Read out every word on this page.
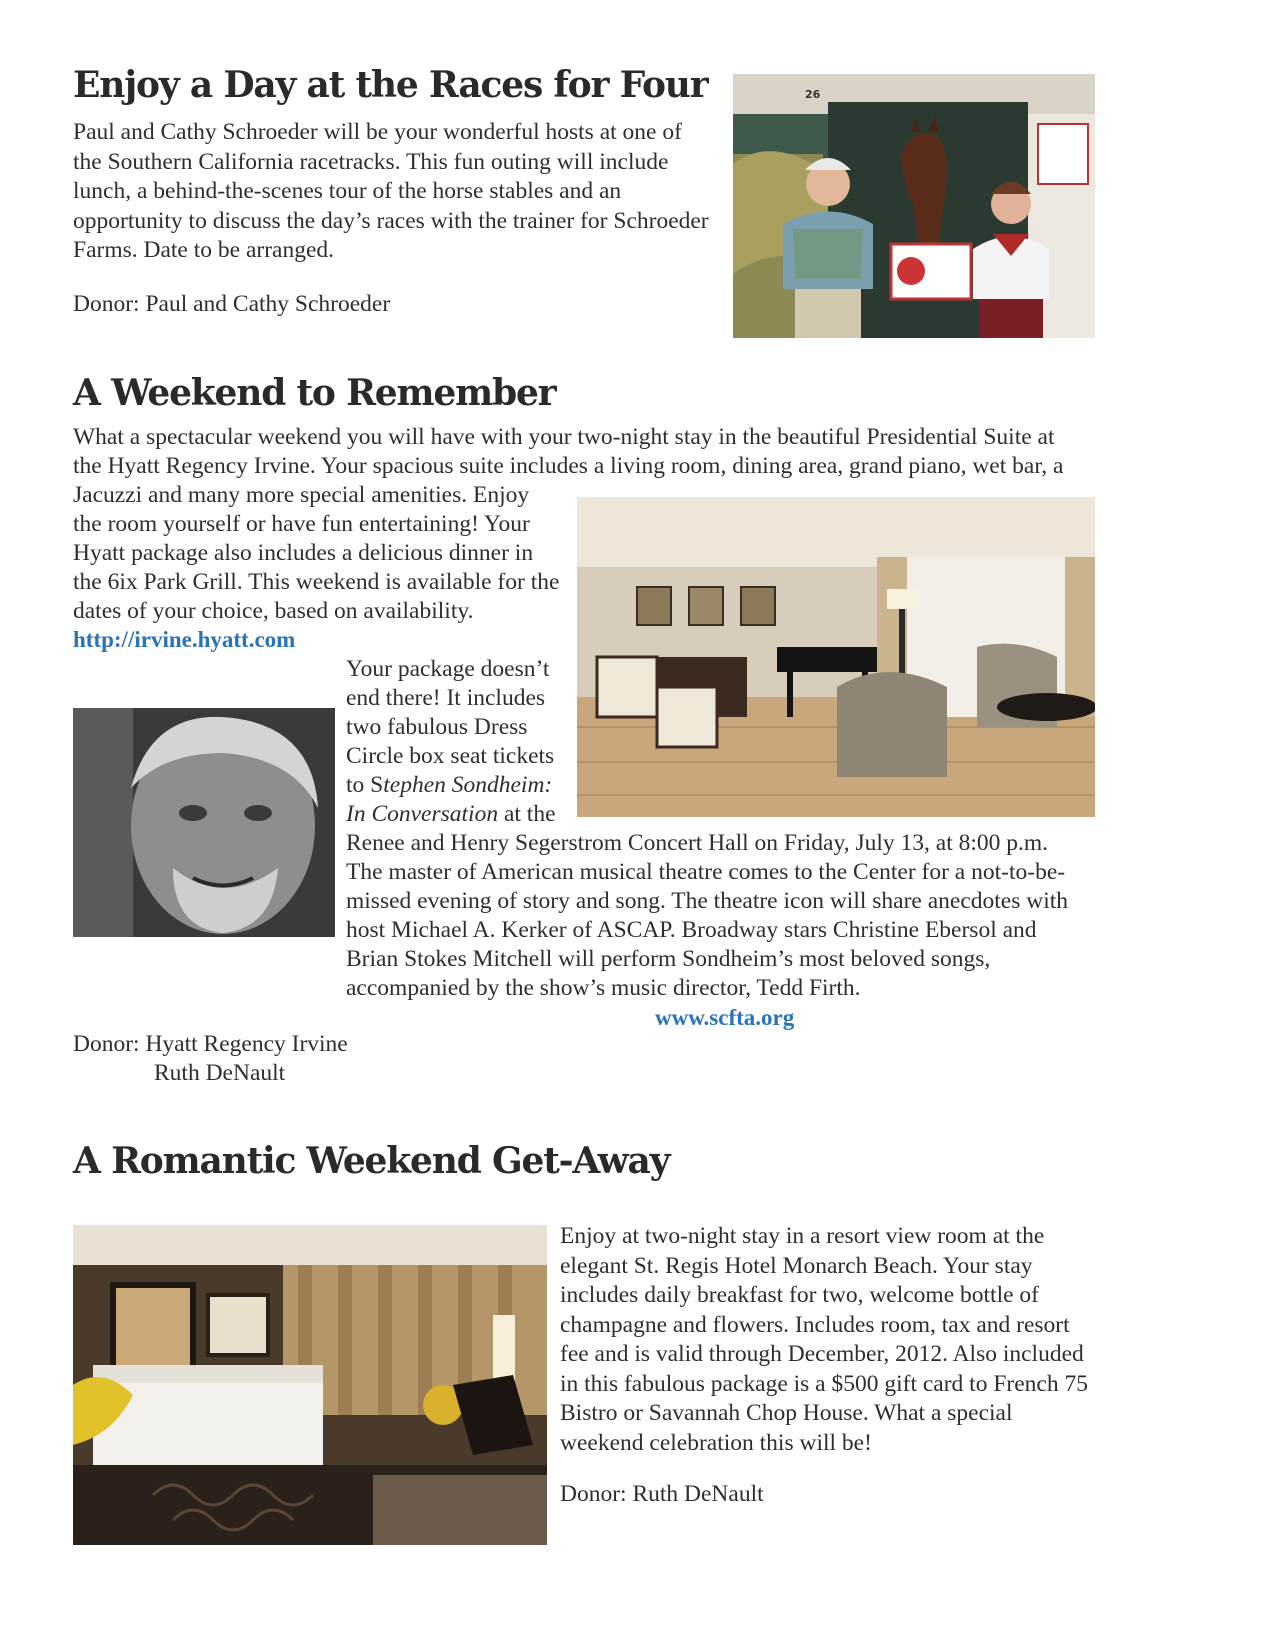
Enjoy a Day at the Races for Four

Paul and Cathy Schroeder will be your wonderful hosts at one of the Southern California racetracks. This fun outing will include lunch, a behind-the-scenes tour of the horse stables and an opportunity to discuss the day’s races with the trainer for Schroeder Farms. Date to be arranged.

Donor: Paul and Cathy Schroeder

26
A Weekend to Remember

What a spectacular weekend you will have with your two-night stay in the beautiful Presidential Suite at

the Hyatt Regency Irvine. Your spacious suite includes a living room, dining area, grand piano, wet bar, a

Jacuzzi and many more special amenities. Enjoy

the room yourself or have fun entertaining! Your

Hyatt package also includes a delicious dinner in

the 6ix Park Grill. This weekend is available for the

dates of your choice, based on availability.

http://irvine.hyatt.com

Your package doesn’t

end there! It includes

two fabulous Dress

Circle box seat tickets

to Stephen Sondheim:

In Conversation at the

Renee and Henry Segerstrom Concert Hall on Friday, July 13, at 8:00 p.m.

The master of American musical theatre comes to the Center for a not-to-be-

missed evening of story and song. The theatre icon will share anecdotes with

host Michael A. Kerker of ASCAP. Broadway stars Christine Ebersol and

Brian Stokes Mitchell will perform Sondheim’s most beloved songs,

accompanied by the show’s music director, Tedd Firth.

www.scfta.org

Donor: Hyatt Regency Irvine

Ruth DeNault

A Romantic Weekend Get-Away

Enjoy at two-night stay in a resort view room at the elegant St. Regis Hotel Monarch Beach. Your stay includes daily breakfast for two, welcome bottle of champagne and flowers. Includes room, tax and resort fee and is valid through December, 2012. Also included in this fabulous package is a $500 gift card to French 75 Bistro or Savannah Chop House. What a special weekend celebration this will be!

Donor: Ruth DeNault
